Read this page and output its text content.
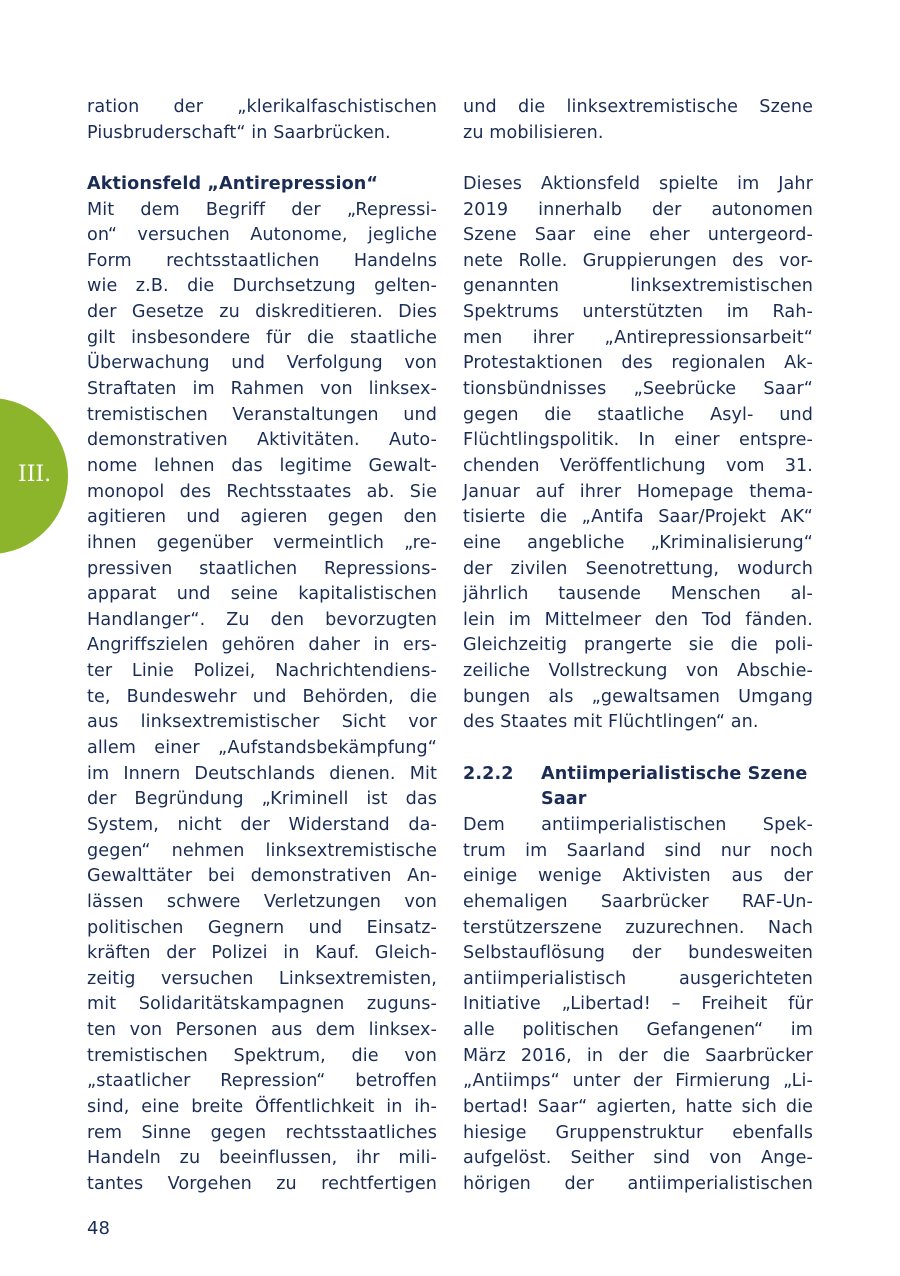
III.
ration der „klerikalfaschistischen
Piusbruderschaft“ in Saarbrücken.
Aktionsfeld „Antirepression“
Mit dem Begriff der „Repressi-
on“ versuchen Autonome, jegliche
Form rechtsstaatlichen Handelns
wie z.B. die Durchsetzung gelten-
der Gesetze zu diskreditieren. Dies
gilt insbesondere für die staatliche
Überwachung und Verfolgung von
Straftaten im Rahmen von linksex-
tremistischen Veranstaltungen und
demonstrativen Aktivitäten. Auto-
nome lehnen das legitime Gewalt-
monopol des Rechtsstaates ab. Sie
agitieren und agieren gegen den
ihnen gegenüber vermeintlich „re-
pressiven staatlichen Repressions-
apparat und seine kapitalistischen
Handlanger“. Zu den bevorzugten
Angriffszielen gehören daher in ers-
ter Linie Polizei, Nachrichtendiens-
te, Bundeswehr und Behörden, die
aus linksextremistischer Sicht vor
allem einer „Aufstandsbekämpfung“
im Innern Deutschlands dienen. Mit
der Begründung „Kriminell ist das
System, nicht der Widerstand da-
gegen“ nehmen linksextremistische
Gewalttäter bei demonstrativen An-
lässen schwere Verletzungen von
politischen Gegnern und Einsatz-
kräften der Polizei in Kauf. Gleich-
zeitig versuchen Linksextremisten,
mit Solidaritätskampagnen zuguns-
ten von Personen aus dem linksex-
tremistischen Spektrum, die von
„staatlicher Repression“ betroffen
sind, eine breite Öffentlichkeit in ih-
rem Sinne gegen rechtsstaatliches
Handeln zu beeinflussen, ihr mili-
tantes Vorgehen zu rechtfertigen
und die linksextremistische Szene
zu mobilisieren.
Dieses Aktionsfeld spielte im Jahr
2019 innerhalb der autonomen
Szene Saar eine eher untergeord-
nete Rolle. Gruppierungen des vor-
genannten linksextremistischen
Spektrums unterstützten im Rah-
men ihrer „Antirepressionsarbeit“
Protestaktionen des regionalen Ak-
tionsbündnisses „Seebrücke Saar“
gegen die staatliche Asyl- und
Flüchtlingspolitik. In einer entspre-
chenden Veröffentlichung vom 31.
Januar auf ihrer Homepage thema-
tisierte die „Antifa Saar/Projekt AK“
eine angebliche „Kriminalisierung“
der zivilen Seenotrettung, wodurch
jährlich tausende Menschen al-
lein im Mittelmeer den Tod fänden.
Gleichzeitig prangerte sie die poli-
zeiliche Vollstreckung von Abschie-
bungen als „gewaltsamen Umgang
des Staates mit Flüchtlingen“ an.
2.2.2 Antiimperialistische Szene
Saar
Dem antiimperialistischen Spek-
trum im Saarland sind nur noch
einige wenige Aktivisten aus der
ehemaligen Saarbrücker RAF-Un-
terstützerszene zuzurechnen. Nach
Selbstauflösung der bundesweiten
antiimperialistisch ausgerichteten
Initiative „Libertad! – Freiheit für
alle politischen Gefangenen“ im
März 2016, in der die Saarbrücker
„Antiimps“ unter der Firmierung „Li-
bertad! Saar“ agierten, hatte sich die
hiesige Gruppenstruktur ebenfalls
aufgelöst. Seither sind von Ange-
hörigen der antiimperialistischen
48
